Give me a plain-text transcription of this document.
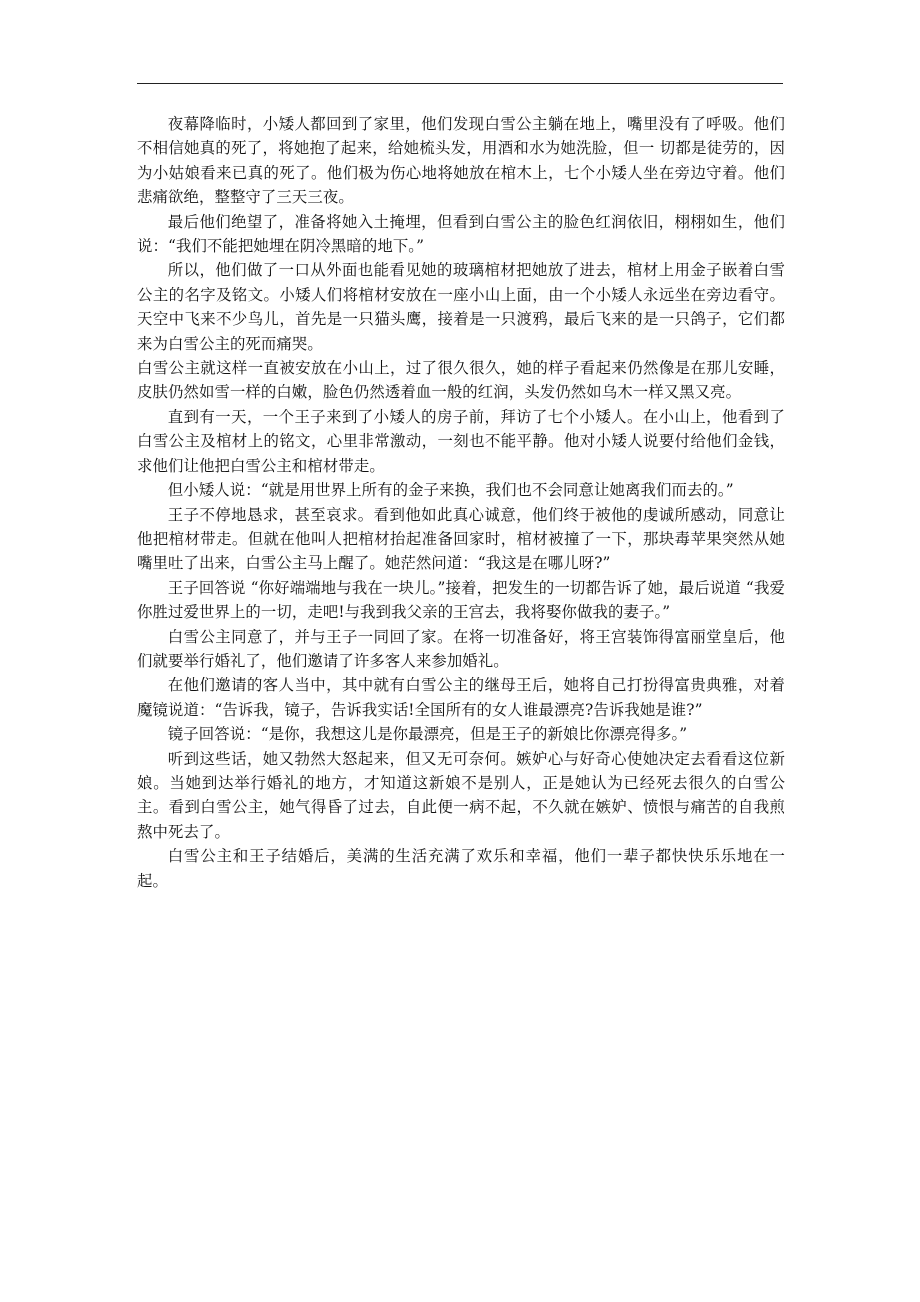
夜幕降临时，小矮人都回到了家里，他们发现白雪公主躺在地上，嘴里没有了呼吸。他们不相信她真的死了，将她抱了起来，给她梳头发，用酒和水为她洗脸，但一 切都是徒劳的，因为小姑娘看来已真的死了。他们极为伤心地将她放在棺木上，七个小矮人坐在旁边守着。他们悲痛欲绝，整整守了三天三夜。

最后他们绝望了，准备将她入土掩埋，但看到白雪公主的脸色红润依旧，栩栩如生，他们说：“我们不能把她埋在阴冷黑暗的地下。”

所以，他们做了一口从外面也能看见她的玻璃棺材把她放了进去，棺材上用金子嵌着白雪公主的名字及铭文。小矮人们将棺材安放在一座小山上面，由一个小矮人永远坐在旁边看守。天空中飞来不少鸟儿，首先是一只猫头鹰，接着是一只渡鸦，最后飞来的是一只鸽子，它们都来为白雪公主的死而痛哭。

白雪公主就这样一直被安放在小山上，过了很久很久，她的样子看起来仍然像是在那儿安睡，皮肤仍然如雪一样的白嫩，脸色仍然透着血一般的红润，头发仍然如乌木一样又黑又亮。

直到有一天，一个王子来到了小矮人的房子前，拜访了七个小矮人。在小山上，他看到了白雪公主及棺材上的铭文，心里非常激动，一刻也不能平静。他对小矮人说要付给他们金钱，求他们让他把白雪公主和棺材带走。

但小矮人说：“就是用世界上所有的金子来换，我们也不会同意让她离我们而去的。”

王子不停地恳求，甚至哀求。看到他如此真心诚意，他们终于被他的虔诚所感动，同意让他把棺材带走。但就在他叫人把棺材抬起准备回家时，棺材被撞了一下，那块毒苹果突然从她嘴里吐了出来，白雪公主马上醒了。她茫然问道：“我这是在哪儿呀?”

王子回答说 “你好端端地与我在一块儿。”接着，把发生的一切都告诉了她，最后说道 “我爱你胜过爱世界上的一切，走吧!与我到我父亲的王宫去，我将娶你做我的妻子。”

白雪公主同意了，并与王子一同回了家。在将一切准备好，将王宫装饰得富丽堂皇后，他们就要举行婚礼了，他们邀请了许多客人来参加婚礼。

在他们邀请的客人当中，其中就有白雪公主的继母王后，她将自己打扮得富贵典雅，对着魔镜说道：“告诉我，镜子，告诉我实话!全国所有的女人谁最漂亮?告诉我她是谁?”

镜子回答说：“是你，我想这儿是你最漂亮，但是王子的新娘比你漂亮得多。”

听到这些话，她又勃然大怒起来，但又无可奈何。嫉妒心与好奇心使她决定去看看这位新娘。当她到达举行婚礼的地方，才知道这新娘不是别人，正是她认为已经死去很久的白雪公主。看到白雪公主，她气得昏了过去，自此便一病不起，不久就在嫉妒、愤恨与痛苦的自我煎熬中死去了。

白雪公主和王子结婚后，美满的生活充满了欢乐和幸福，他们一辈子都快快乐乐地在一起。
